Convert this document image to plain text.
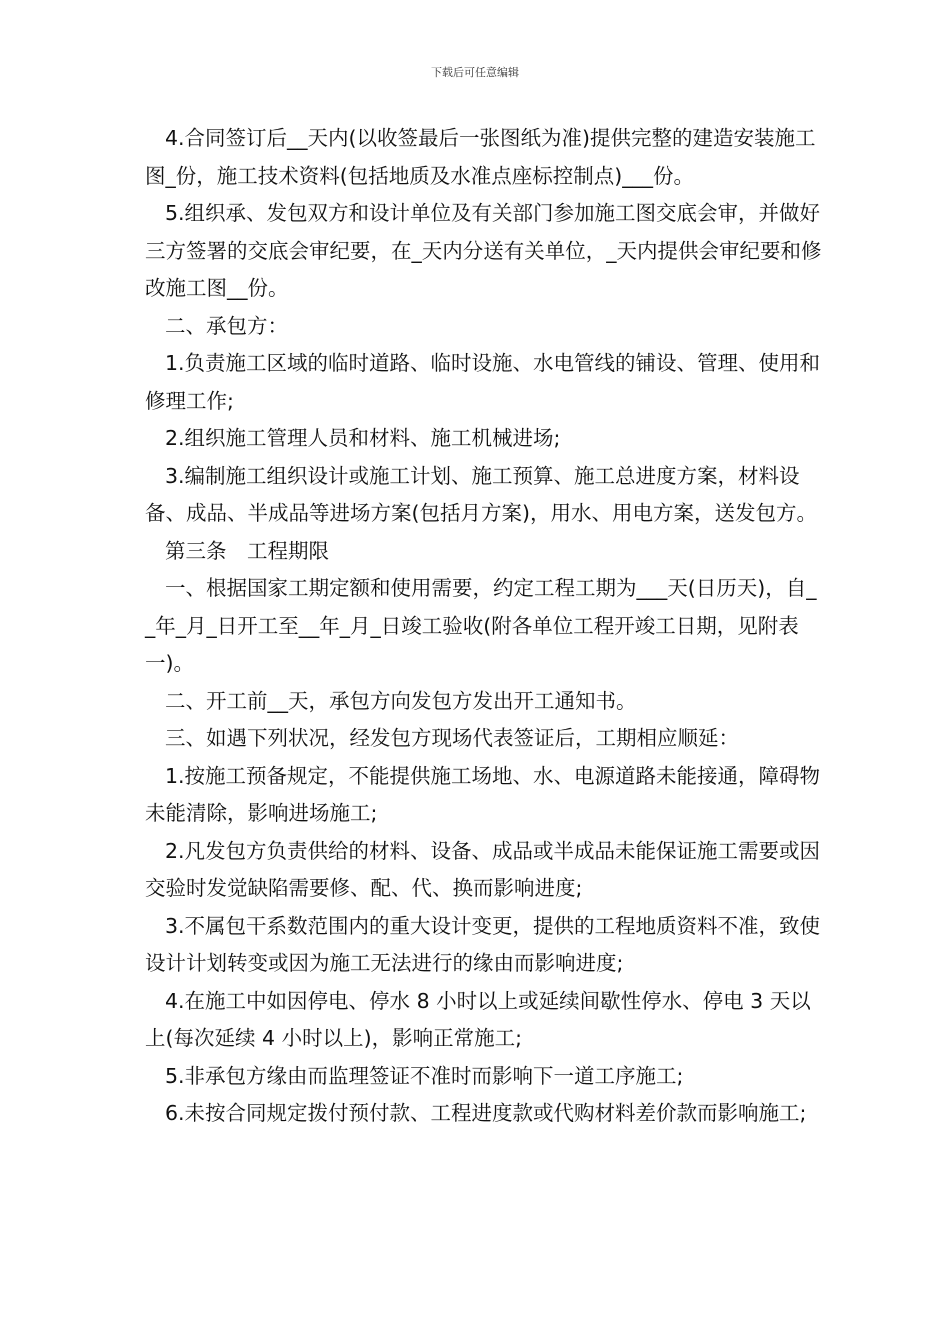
下载后可任意编辑

4.合同签订后__天内(以收签最后一张图纸为准)提供完整的建造安装施工图_份，施工技术资料(包括地质及水准点座标控制点)___份。

5.组织承、发包双方和设计单位及有关部门参加施工图交底会审，并做好三方签署的交底会审纪要，在_天内分送有关单位，_天内提供会审纪要和修改施工图__份。

二、承包方：

1.负责施工区域的临时道路、临时设施、水电管线的铺设、管理、使用和修理工作;

2.组织施工管理人员和材料、施工机械进场;

3.编制施工组织设计或施工计划、施工预算、施工总进度方案，材料设备、成品、半成品等进场方案(包括月方案)，用水、用电方案，送发包方。

第三条　工程期限

一、根据国家工期定额和使用需要，约定工程工期为___天(日历天)，自__年_月_日开工至__年_月_日竣工验收(附各单位工程开竣工日期，见附表一)。

二、开工前__天，承包方向发包方发出开工通知书。

三、如遇下列状况，经发包方现场代表签证后，工期相应顺延：

1.按施工预备规定，不能提供施工场地、水、电源道路未能接通，障碍物未能清除，影响进场施工;

2.凡发包方负责供给的材料、设备、成品或半成品未能保证施工需要或因交验时发觉缺陷需要修、配、代、换而影响进度;

3.不属包干系数范围内的重大设计变更，提供的工程地质资料不准，致使设计计划转变或因为施工无法进行的缘由而影响进度;

4.在施工中如因停电、停水 8 小时以上或延续间歇性停水、停电 3 天以上(每次延续 4 小时以上)，影响正常施工;

5.非承包方缘由而监理签证不准时而影响下一道工序施工;

6.未按合同规定拨付预付款、工程进度款或代购材料差价款而影响施工;
